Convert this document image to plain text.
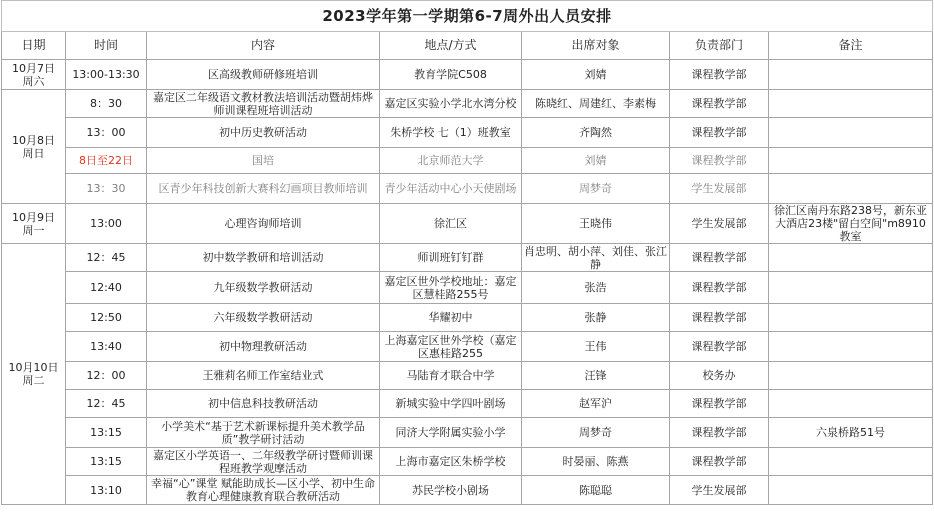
2023学年第一学期第6-7周外出人员安排						
日期	时间	内容	地点/方式	出席对象	负责部门	备注
10月7日
周六	13:00-13:30	区高级教师研修班培训	教育学院C508	刘婧	课程教学部	
10月8日
周日	8：30	嘉定区二年级语文教材教法培训活动暨胡炜烨师训课程班培训活动	嘉定区实验小学北水湾分校	陈晓红、周建红、李素梅	课程教学部	
	13：00	初中历史教研活动	朱桥学校 七（1）班教室	齐陶然	课程教学部	
	8日至22日	国培	北京师范大学	刘婧	课程教学部	
	13：30	区青少年科技创新大赛科幻画项目教师培训	青少年活动中心小天使剧场	周梦奇	学生发展部	
10月9日
周一	13:00	心理咨询师培训	徐汇区	王晓伟	学生发展部	徐汇区南丹东路238号，新东亚大酒店23楼"留白空间"m8910教室
10月10日
周二	12：45	初中数学教研和培训活动	师训班钉钉群	肖忠明、胡小萍、刘佳、张江静	课程教学部	
	12:40	九年级数学教研活动	嘉定区世外学校地址：嘉定区慧桂路255号	张浩	课程教学部	
	12:50	六年级数学教研活动	华耀初中	张静	课程教学部	
	13:40	初中物理教研活动	上海嘉定区世外学校（嘉定区惠桂路255	王伟	课程教学部	
	12：00	王雅莉名师工作室结业式	马陆育才联合中学	汪锋	校务办	
	12：45	初中信息科技教研活动	新城实验中学四叶剧场	赵军沪	课程教学部	
	13:15	小学美术“基于艺术新课标提升美术教学品质”教学研讨活动	同济大学附属实验小学	周梦奇	课程教学部	六泉桥路51号
	13:15	嘉定区小学英语一、二年级教学研讨暨师训课程班教学观摩活动	上海市嘉定区朱桥学校	时晏丽、陈燕	课程教学部	
	13:10	幸福“心”课堂 赋能助成长—区小学、初中生命教育心理健康教育联合教研活动	苏民学校小剧场	陈聪聪	学生发展部	
